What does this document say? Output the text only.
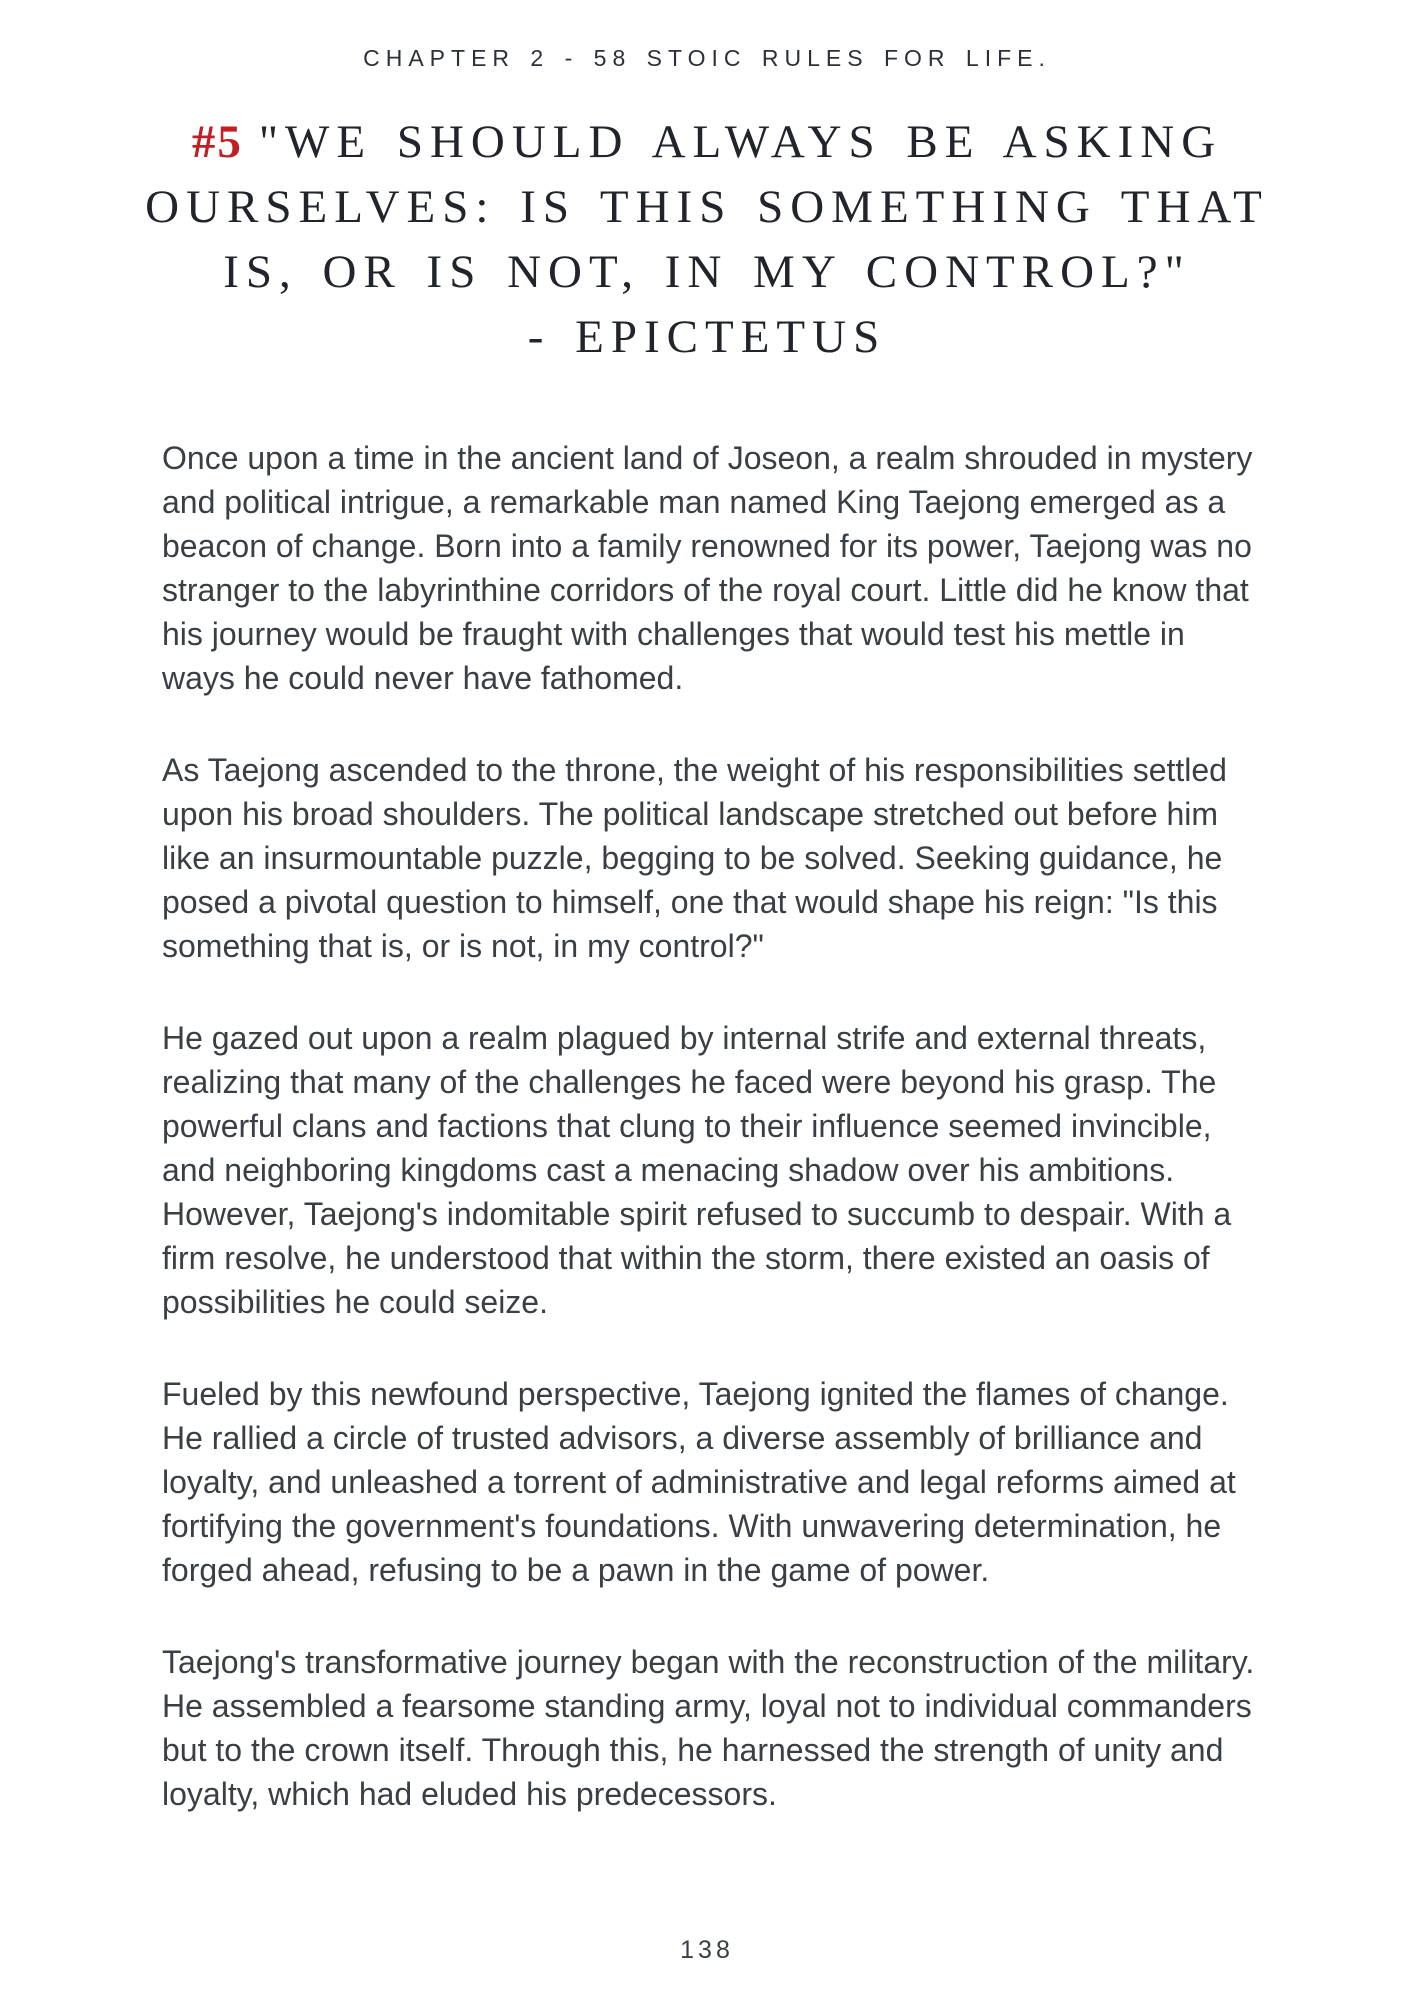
CHAPTER 2 - 58 STOIC RULES FOR LIFE.
#5 "WE SHOULD ALWAYS BE ASKING
OURSELVES: IS THIS SOMETHING THAT
IS, OR IS NOT, IN MY CONTROL?"
- EPICTETUS

Once upon a time in the ancient land of Joseon, a realm shrouded in mystery and political intrigue, a remarkable man named King Taejong emerged as a beacon of change. Born into a family renowned for its power, Taejong was no stranger to the labyrinthine corridors of the royal court. Little did he know that his journey would be fraught with challenges that would test his mettle in ways he could never have fathomed.

As Taejong ascended to the throne, the weight of his responsibilities settled upon his broad shoulders. The political landscape stretched out before him like an insurmountable puzzle, begging to be solved. Seeking guidance, he posed a pivotal question to himself, one that would shape his reign: "Is this something that is, or is not, in my control?"

He gazed out upon a realm plagued by internal strife and external threats, realizing that many of the challenges he faced were beyond his grasp. The powerful clans and factions that clung to their influence seemed invincible, and neighboring kingdoms cast a menacing shadow over his ambitions. However, Taejong's indomitable spirit refused to succumb to despair. With a firm resolve, he understood that within the storm, there existed an oasis of possibilities he could seize.

Fueled by this newfound perspective, Taejong ignited the flames of change. He rallied a circle of trusted advisors, a diverse assembly of brilliance and loyalty, and unleashed a torrent of administrative and legal reforms aimed at fortifying the government's foundations. With unwavering determination, he forged ahead, refusing to be a pawn in the game of power.

Taejong's transformative journey began with the reconstruction of the military. He assembled a fearsome standing army, loyal not to individual commanders but to the crown itself. Through this, he harnessed the strength of unity and loyalty, which had eluded his predecessors.

138
